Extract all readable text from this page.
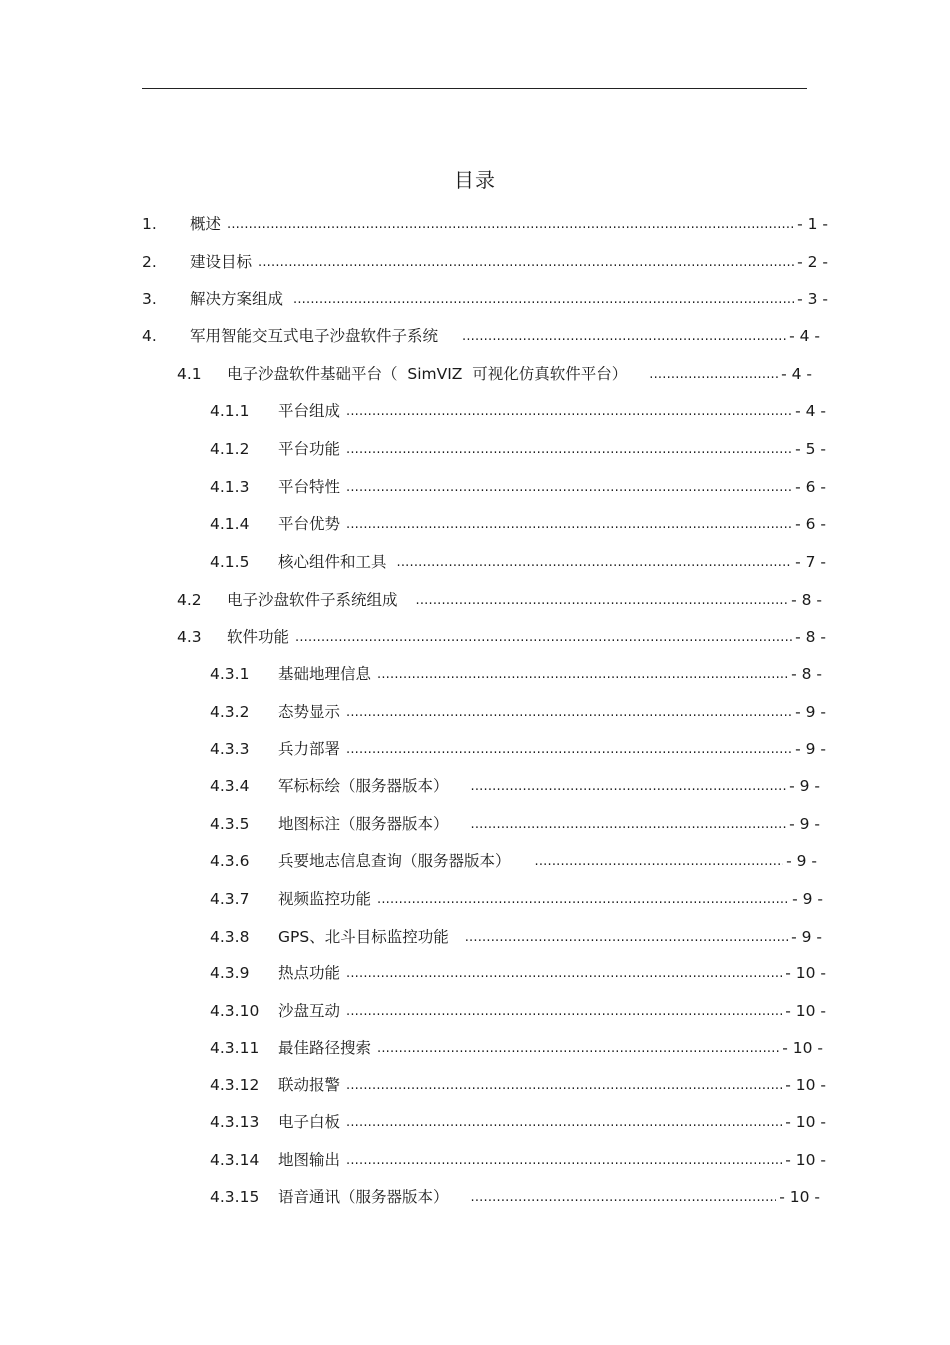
目录
1.	概述 .....	- 1 -
2.	建设目标 .....	- 2 -
3.	解决方案组成 .....	- 3 -
4.	军用智能交互式电子沙盘软件子系统 .....	- 4 -
4.1	电子沙盘软件基础平台（  SimVIZ  可视化仿真软件平台） .....	- 4 -
4.1.1	平台组成 .....	- 4 -
4.1.2	平台功能 .....	- 5 -
4.1.3	平台特性 .....	- 6 -
4.1.4	平台优势 .....	- 6 -
4.1.5	核心组件和工具 .....	- 7 -
4.2	电子沙盘软件子系统组成 .....	- 8 -
4.3	软件功能 .....	- 8 -
4.3.1	基础地理信息 .....	- 8 -
4.3.2	态势显示 .....	- 9 -
4.3.3	兵力部署 .....	- 9 -
4.3.4	军标标绘（服务器版本） .....	- 9 -
4.3.5	地图标注（服务器版本） .....	- 9 -
4.3.6	兵要地志信息查询（服务器版本） .....	- 9 -
4.3.7	视频监控功能 .....	- 9 -
4.3.8	GPS、北斗目标监控功能 .....	- 9 -
4.3.9	热点功能 .....	- 10 -
4.3.10	沙盘互动 .....	- 10 -
4.3.11	最佳路径搜索 .....	- 10 -
4.3.12	联动报警 .....	- 10 -
4.3.13	电子白板 .....	- 10 -
4.3.14	地图输出 .....	- 10 -
4.3.15	语音通讯（服务器版本） .....	- 10 -
